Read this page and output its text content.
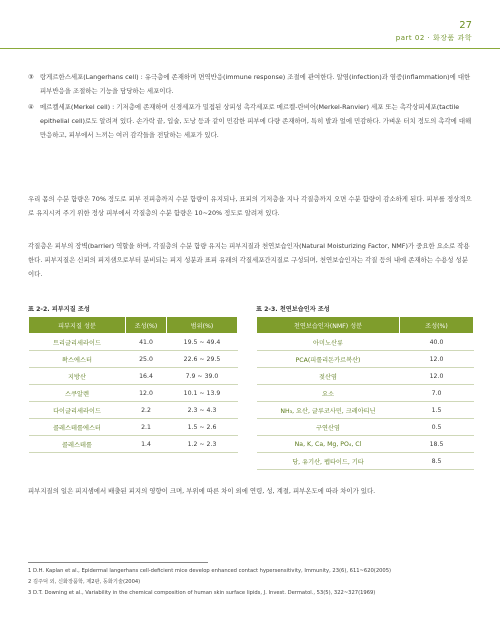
27
part 02 · 화장품 과학
③ 랑게르한스세포(Langerhans cell) : 유극층에 존재하며 면역반응(immune response) 조절에 관여한다. 알염(infection)과 염증(inflammation)에 대한 피부반응을 조절하는 기능을 담당하는 세포이다.
④ 메르켈세포(Merkel cell) : 기저층에 존재하며 신경세포가 밀접된 상피성 촉각세포로 메르켈-란비어(Merkel-Ranvier) 세포 또는 촉각상피세포(tactile epithelial cell)로도 알려져 있다. 손가락 끝, 입술, 도낭 등과 같이 민감한 피부에 다량 존재하며, 특히 발과 얼에 민감하다. 가벼운 터치 정도의 촉각에 대해 만응하고, 피부에서 느끼는 여러 감각들을 전달하는 세포가 있다.
우리 몸의 수분 함량은 70% 정도로 피부 진피층까지 수분 함량이 유지되나, 표피의 기저층을 지나 각질층까지 오면 수분 함량이 감소하게 된다. 피부를 정상적으로 유지시켜 주기 위한 정상 피부에서 각질층의 수분 함량은 10~20% 정도로 알려져 있다.
각질층은 피부의 장벽(barrier) 역할을 하며, 각질층의 수분 함량 유지는 피부지질과 천연보습인자(Natural Moisturizing Factor, NMF)가 중요한 요소로 작용한다. 피부지질은 신피의 피지샘으로부터 분비되는 피지 성분과 표피 유래의 각질세포간지질로 구성되며, 천연보습인자는 각질 등의 내에 존재하는 수용성 성분이다.
표 2-2. 피부지질 조성
피부지질 성분	조성(%)	범위(%)
트리글리세라이드	41.0	19.5 ~ 49.4
왁스에스터	25.0	22.6 ~ 29.5
지방산	16.4	7.9 ~ 39.0
스쿠알렌	12.0	10.1 ~ 13.9
다이글리세라이드	2.2	2.3 ~ 4.3
콜레스테롤에스터	2.1	1.5 ~ 2.6
콜레스테롤	1.4	1.2 ~ 2.3
표 2-3. 천연보습인자 조성
천연보습인자(NMF) 성분	조성(%)
아미노산류	40.0
PCA(피롤리돈카르복산)	12.0
젖산염	12.0
요소	7.0
NH₃, 요산, 글루코사민, 크레아티닌	1.5
구연산염	0.5
Na, K, Ca, Mg, PO₄, Cl	18.5
당, 유기산, 펩타이드, 기타	8.5
피부지질의 일은 피지샘에서 배출된 피지의 영향이 크며, 부위에 따른 차이 외에 연령, 성, 계절, 피부온도에 따라 차이가 있다.
1 D.H. Kaplan et al., Epidermal langerhans cell-deficient mice develop enhanced contact hypersensitivity, Immunity, 23(6), 611~620(2005)
2 김주덕 외, 신화장품학, 제2판, 동화기술(2004)
3 D.T. Downing et al., Variability in the chemical composition of human skin surface lipids, J. Invest. Dermatol., 53(5), 322~327(1969)
